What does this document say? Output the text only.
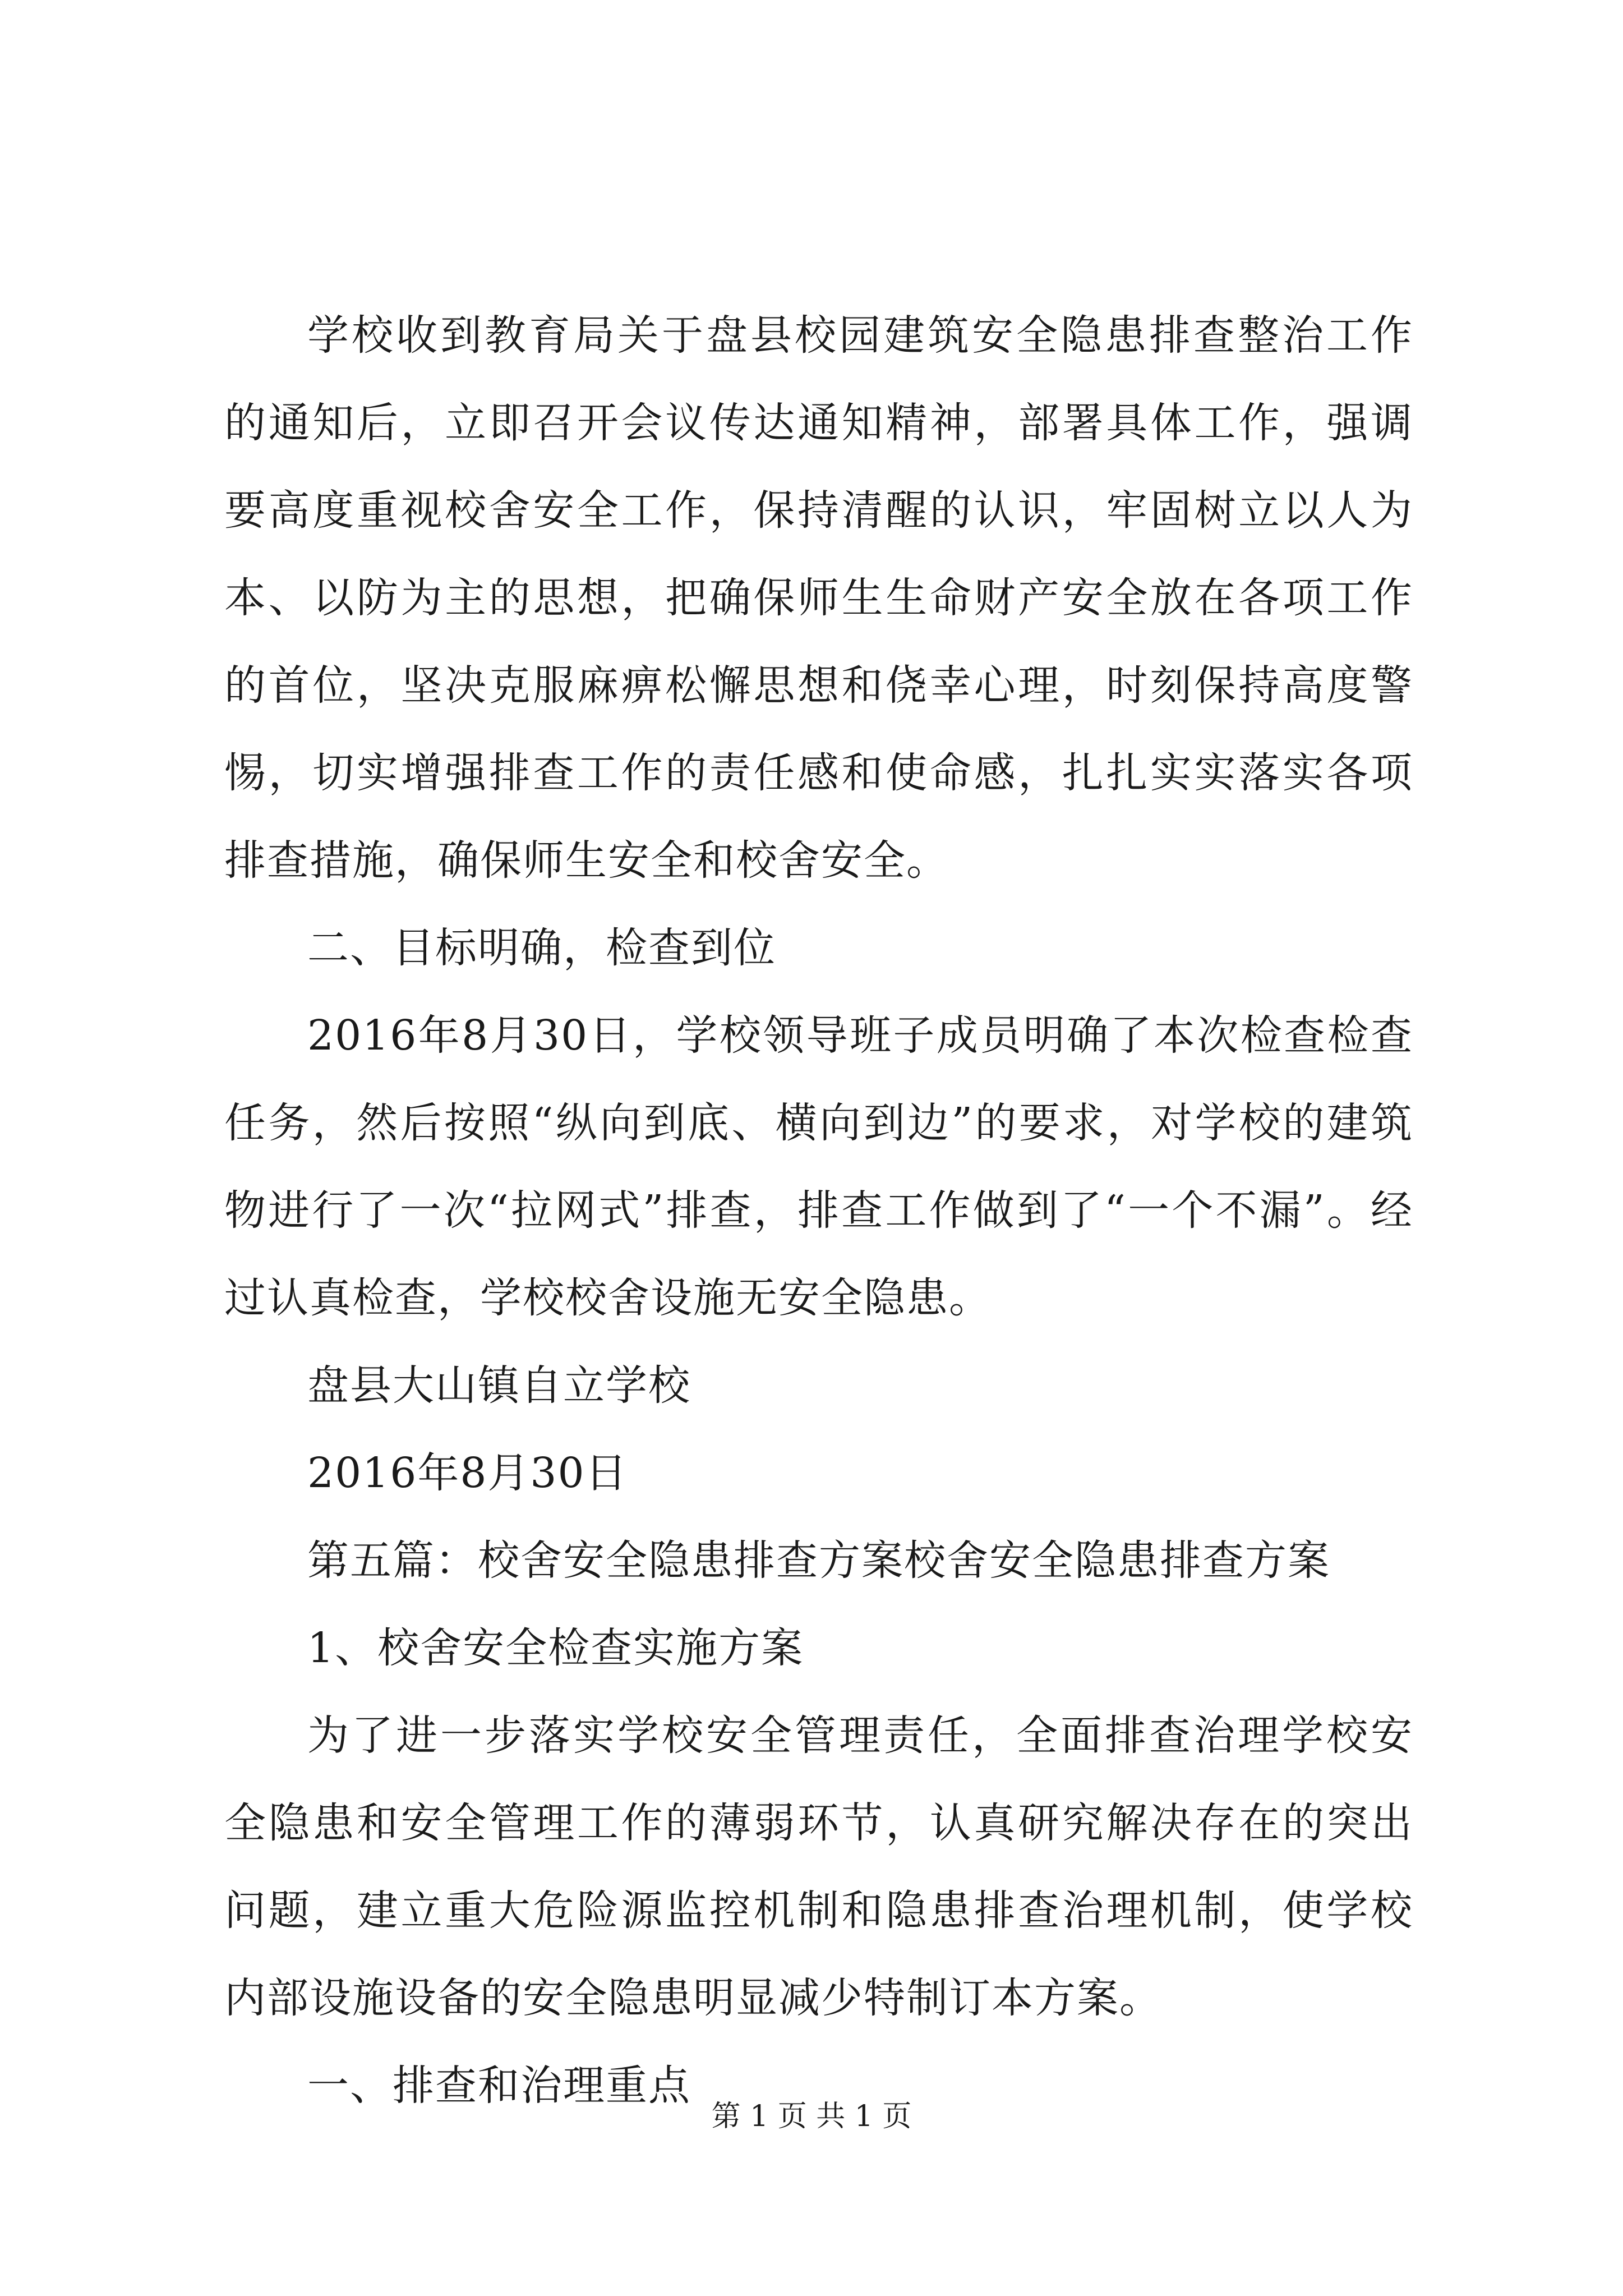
学校收到教育局关于盘县校园建筑安全隐患排查整治工作的通知后，立即召开会议传达通知精神，部署具体工作，强调要高度重视校舍安全工作，保持清醒的认识，牢固树立以人为本、以防为主的思想，把确保师生生命财产安全放在各项工作的首位，坚决克服麻痹松懈思想和侥幸心理，时刻保持高度警惕，切实增强排查工作的责任感和使命感，扎扎实实落实各项排查措施，确保师生安全和校舍安全。

二、目标明确，检查到位

2016年8月30日，学校领导班子成员明确了本次检查检查任务，然后按照“纵向到底、横向到边”的要求，对学校的建筑物进行了一次“拉网式”排查，排查工作做到了“一个不漏”。经过认真检查，学校校舍设施无安全隐患。

盘县大山镇自立学校

2016年8月30日

第五篇：校舍安全隐患排查方案校舍安全隐患排查方案

1、校舍安全检查实施方案

为了进一步落实学校安全管理责任，全面排查治理学校安全隐患和安全管理工作的薄弱环节，认真研究解决存在的突出问题，建立重大危险源监控机制和隐患排查治理机制，使学校内部设施设备的安全隐患明显减少特制订本方案。

一、排查和治理重点

第 1 页 共 1 页
